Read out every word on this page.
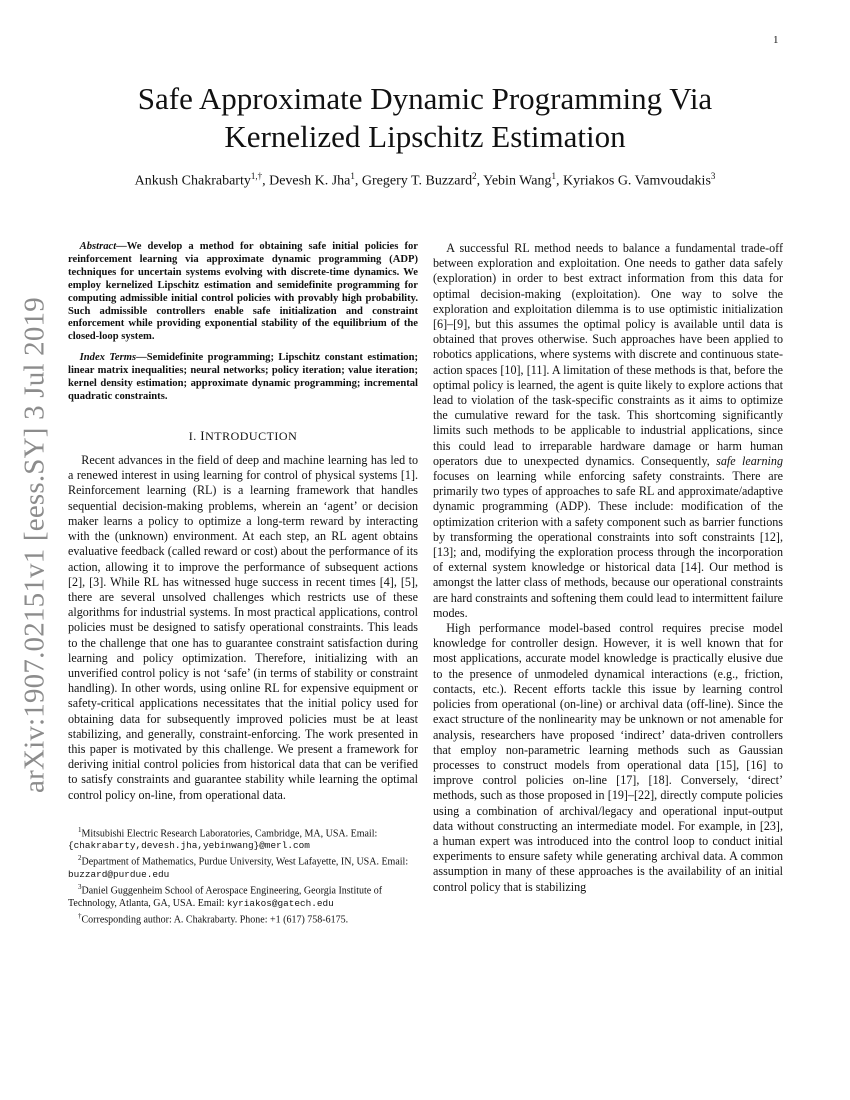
1
arXiv:1907.02151v1 [eess.SY] 3 Jul 2019
Safe Approximate Dynamic Programming Via
Kernelized Lipschitz Estimation
Ankush Chakrabarty$^{1,\dagger}$, Devesh K. Jha$^1$, Gregery T. Buzzard$^2$, Yebin Wang$^1$, Kyriakos G. Vamvoudakis$^3$

Abstract—We develop a method for obtaining safe initial policies for reinforcement learning via approximate dynamic programming (ADP) techniques for uncertain systems evolving with discrete-time dynamics. We employ kernelized Lipschitz estimation and semidefinite programming for computing admissible initial control policies with provably high probability. Such admissible controllers enable safe initialization and constraint enforcement while providing exponential stability of the equilibrium of the closed-loop system.

Index Terms—Semidefinite programming; Lipschitz constant estimation; linear matrix inequalities; neural networks; policy iteration; value iteration; kernel density estimation; approximate dynamic programming; incremental quadratic constraints.

I. INTRODUCTION

Recent advances in the field of deep and machine learning has led to a renewed interest in using learning for control of physical systems [1]. Reinforcement learning (RL) is a learning framework that handles sequential decision-making problems, wherein an ‘agent’ or decision maker learns a policy to optimize a long-term reward by interacting with the (unknown) environment. At each step, an RL agent obtains evaluative feedback (called reward or cost) about the performance of its action, allowing it to improve the performance of subsequent actions [2], [3]. While RL has witnessed huge success in recent times [4], [5], there are several unsolved challenges which restricts use of these algorithms for industrial systems. In most practical applications, control policies must be designed to satisfy operational constraints. This leads to the challenge that one has to guarantee constraint satisfaction during learning and policy optimization. Therefore, initializing with an unverified control policy is not ‘safe’ (in terms of stability or constraint handling). In other words, using online RL for expensive equipment or safety-critical applications necessitates that the initial policy used for obtaining data for subsequently improved policies must be at least stabilizing, and generally, constraint-enforcing. The work presented in this paper is motivated by this challenge. We present a framework for deriving initial control policies from historical data that can be verified to satisfy constraints and guarantee stability while learning the optimal control policy on-line, from operational data.

$^1$Mitsubishi Electric Research Laboratories, Cambridge, MA, USA. Email: {chakrabarty,devesh.jha,yebinwang}@merl.com

$^2$Department of Mathematics, Purdue University, West Lafayette, IN, USA. Email: buzzard@purdue.edu

$^3$Daniel Guggenheim School of Aerospace Engineering, Georgia Institute of Technology, Atlanta, GA, USA. Email: kyriakos@gatech.edu

†Corresponding author: A. Chakrabarty. Phone: +1 (617) 758-6175.

A successful RL method needs to balance a fundamental trade-off between exploration and exploitation. One needs to gather data safely (exploration) in order to best extract information from this data for optimal decision-making (exploitation). One way to solve the exploration and exploitation dilemma is to use optimistic initialization [6]–[9], but this assumes the optimal policy is available until data is obtained that proves otherwise. Such approaches have been applied to robotics applications, where systems with discrete and continuous state-action spaces [10], [11]. A limitation of these methods is that, before the optimal policy is learned, the agent is quite likely to explore actions that lead to violation of the task-specific constraints as it aims to optimize the cumulative reward for the task. This shortcoming significantly limits such methods to be applicable to industrial applications, since this could lead to irreparable hardware damage or harm human operators due to unexpected dynamics. Consequently, safe learning focuses on learning while enforcing safety constraints. There are primarily two types of approaches to safe RL and approximate/adaptive dynamic programming (ADP). These include: modification of the optimization criterion with a safety component such as barrier functions by transforming the operational constraints into soft constraints [12], [13]; and, modifying the exploration process through the incorporation of external system knowledge or historical data [14]. Our method is amongst the latter class of methods, because our operational constraints are hard constraints and softening them could lead to intermittent failure modes.

High performance model-based control requires precise model knowledge for controller design. However, it is well known that for most applications, accurate model knowledge is practically elusive due to the presence of unmodeled dynamical interactions (e.g., friction, contacts, etc.). Recent efforts tackle this issue by learning control policies from operational (on-line) or archival data (off-line). Since the exact structure of the nonlinearity may be unknown or not amenable for analysis, researchers have proposed ‘indirect’ data-driven controllers that employ non-parametric learning methods such as Gaussian processes to construct models from operational data [15], [16] to improve control policies on-line [17], [18]. Conversely, ‘direct’ methods, such as those proposed in [19]–[22], directly compute policies using a combination of archival/legacy and operational input-output data without constructing an intermediate model. For example, in [23], a human expert was introduced into the control loop to conduct initial experiments to ensure safety while generating archival data. A common assumption in many of these approaches is the availability of an initial control policy that is stabilizing
